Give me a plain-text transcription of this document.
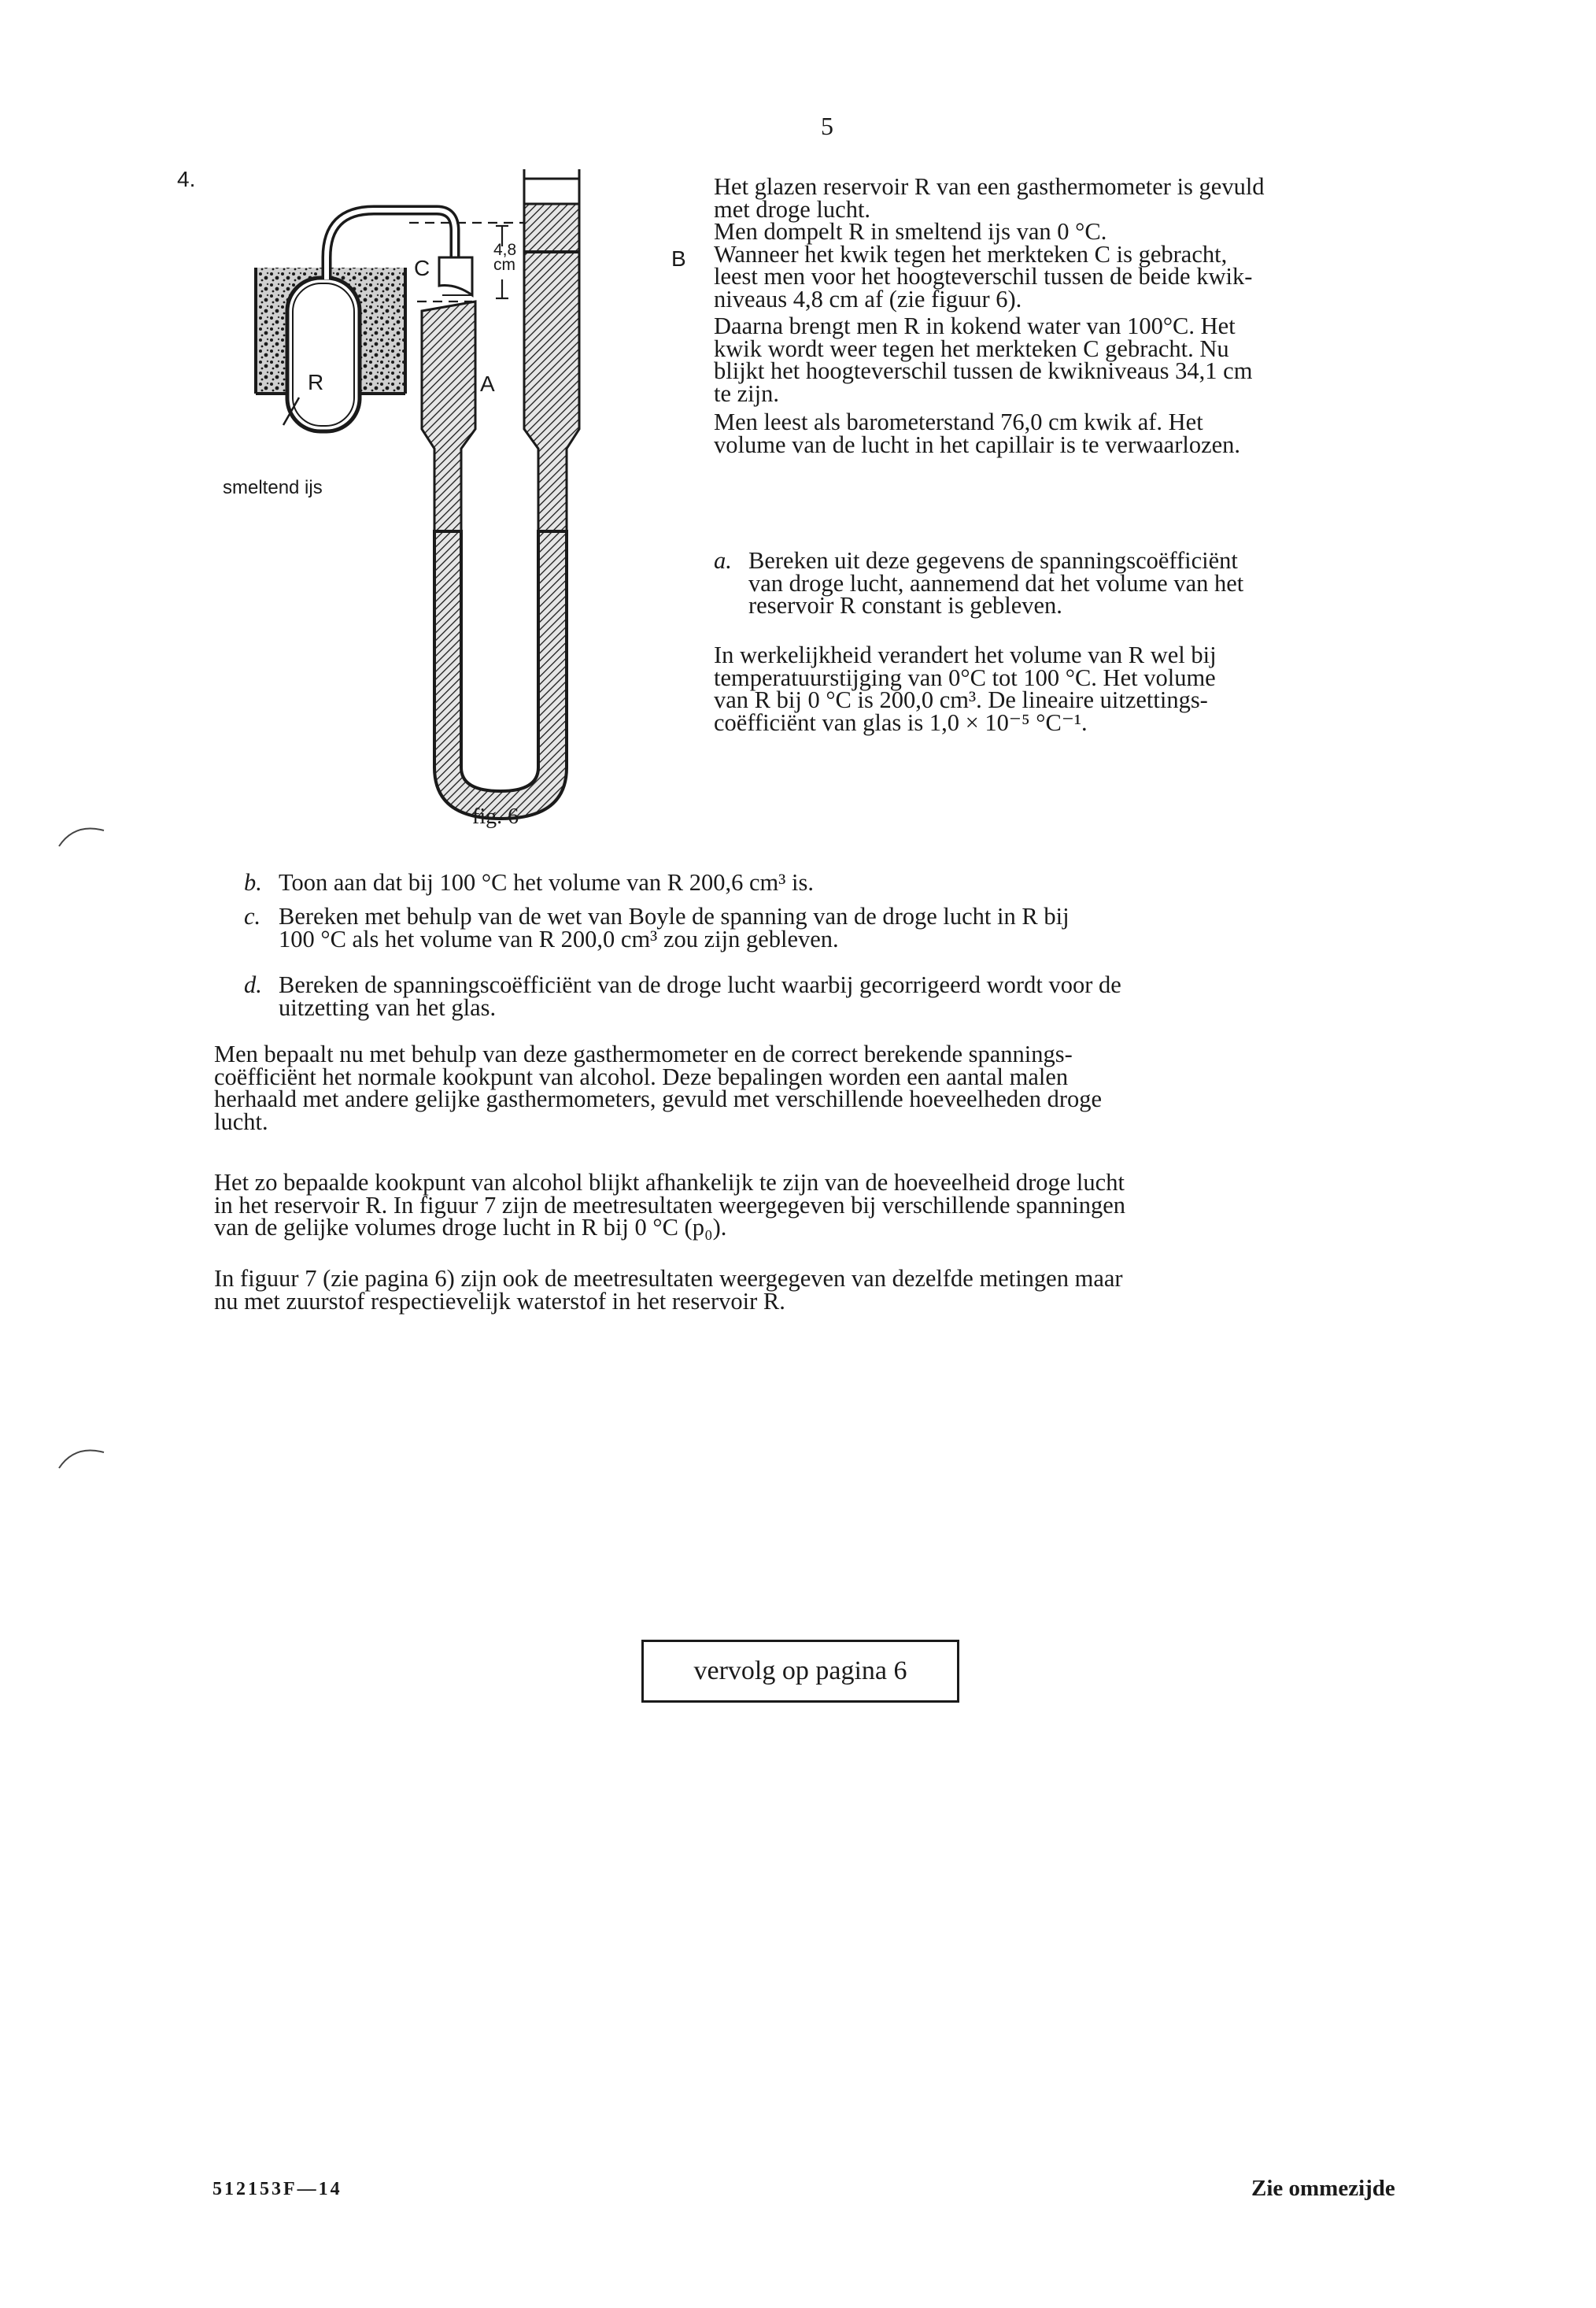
5
4.
R
C
A
B
4,8
cm
smeltend ijs
fig. 6
Het glazen reservoir R van een gasthermometer is gevuld
met droge lucht.
Men dompelt R in smeltend ijs van 0 °C.
Wanneer het kwik tegen het merkteken C is gebracht,
leest men voor het hoogteverschil tussen de beide kwik-
niveaus 4,8 cm af (zie figuur 6).
Daarna brengt men R in kokend water van 100°C. Het
kwik wordt weer tegen het merkteken C gebracht. Nu
blijkt het hoogteverschil tussen de kwikniveaus 34,1 cm
te zijn.
Men leest als barometerstand 76,0 cm kwik af. Het
volume van de lucht in het capillair is te verwaarlozen.
a. Bereken uit deze gegevens de spanningscoëfficiënt
van droge lucht, aannemend dat het volume van het
reservoir R constant is gebleven.
In werkelijkheid verandert het volume van R wel bij
temperatuurstijging van 0°C tot 100 °C. Het volume
van R bij 0 °C is 200,0 cm³. De lineaire uitzettings-
coëfficiënt van glas is 1,0 × 10⁻⁵ °C⁻¹.
b. Toon aan dat bij 100 °C het volume van R 200,6 cm³ is.
c. Bereken met behulp van de wet van Boyle de spanning van de droge lucht in R bij
100 °C als het volume van R 200,0 cm³ zou zijn gebleven.
d. Bereken de spanningscoëfficiënt van de droge lucht waarbij gecorrigeerd wordt voor de
uitzetting van het glas.
Men bepaalt nu met behulp van deze gasthermometer en de correct berekende spannings-
coëfficiënt het normale kookpunt van alcohol. Deze bepalingen worden een aantal malen
herhaald met andere gelijke gasthermometers, gevuld met verschillende hoeveelheden droge
lucht.
Het zo bepaalde kookpunt van alcohol blijkt afhankelijk te zijn van de hoeveelheid droge lucht
in het reservoir R. In figuur 7 zijn de meetresultaten weergegeven bij verschillende spanningen
van de gelijke volumes droge lucht in R bij 0 °C (p₀).
In figuur 7 (zie pagina 6) zijn ook de meetresultaten weergegeven van dezelfde metingen maar
nu met zuurstof respectievelijk waterstof in het reservoir R.
vervolg op pagina 6
512153F—14	Zie ommezijde
